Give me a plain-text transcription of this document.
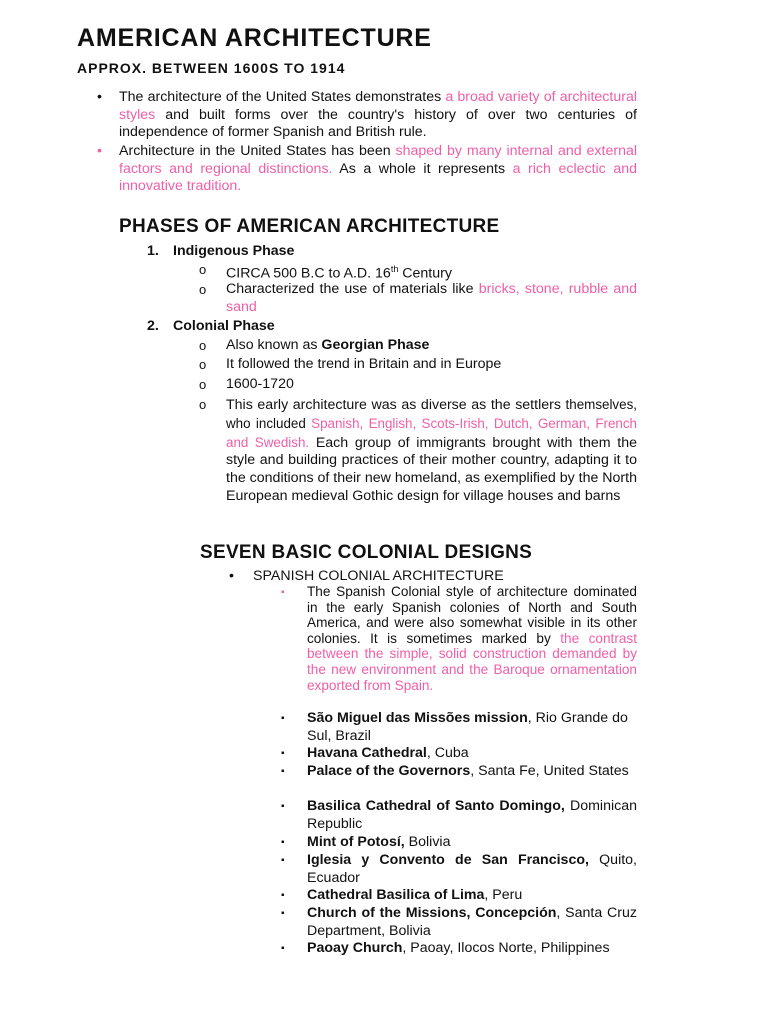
AMERICAN ARCHITECTURE
APPROX. BETWEEN 1600S TO 1914
• The architecture of the United States demonstrates a broad variety of architectural styles and built forms over the country's history of over two centuries of independence of former Spanish and British rule.
• Architecture in the United States has been shaped by many internal and external factors and regional distinctions. As a whole it represents a rich eclectic and innovative tradition.
PHASES OF AMERICAN ARCHITECTURE
1. Indigenous Phase
o CIRCA 500 B.C to A.D. 16th Century
o Characterized the use of materials like bricks, stone, rubble and sand
2. Colonial Phase
o Also known as Georgian Phase
o It followed the trend in Britain and in Europe
o 1600-1720
o This early architecture was as diverse as the settlers themselves, who included Spanish, English, Scots-Irish, Dutch, German, French and Swedish. Each group of immigrants brought with them the style and building practices of their mother country, adapting it to the conditions of their new homeland, as exemplified by the North European medieval Gothic design for village houses and barns
SEVEN BASIC COLONIAL DESIGNS
• SPANISH COLONIAL ARCHITECTURE
▪ The Spanish Colonial style of architecture dominated in the early Spanish colonies of North and South America, and were also somewhat visible in its other colonies. It is sometimes marked by the contrast between the simple, solid construction demanded by the new environment and the Baroque ornamentation exported from Spain.
▪ São Miguel das Missões mission, Rio Grande do Sul, Brazil
▪ Havana Cathedral, Cuba
▪ Palace of the Governors, Santa Fe, United States
▪ Basilica Cathedral of Santo Domingo, Dominican Republic
▪ Mint of Potosí, Bolivia
▪ Iglesia y Convento de San Francisco, Quito, Ecuador
▪ Cathedral Basilica of Lima, Peru
▪ Church of the Missions, Concepción, Santa Cruz Department, Bolivia
▪ Paoay Church, Paoay, Ilocos Norte, Philippines
